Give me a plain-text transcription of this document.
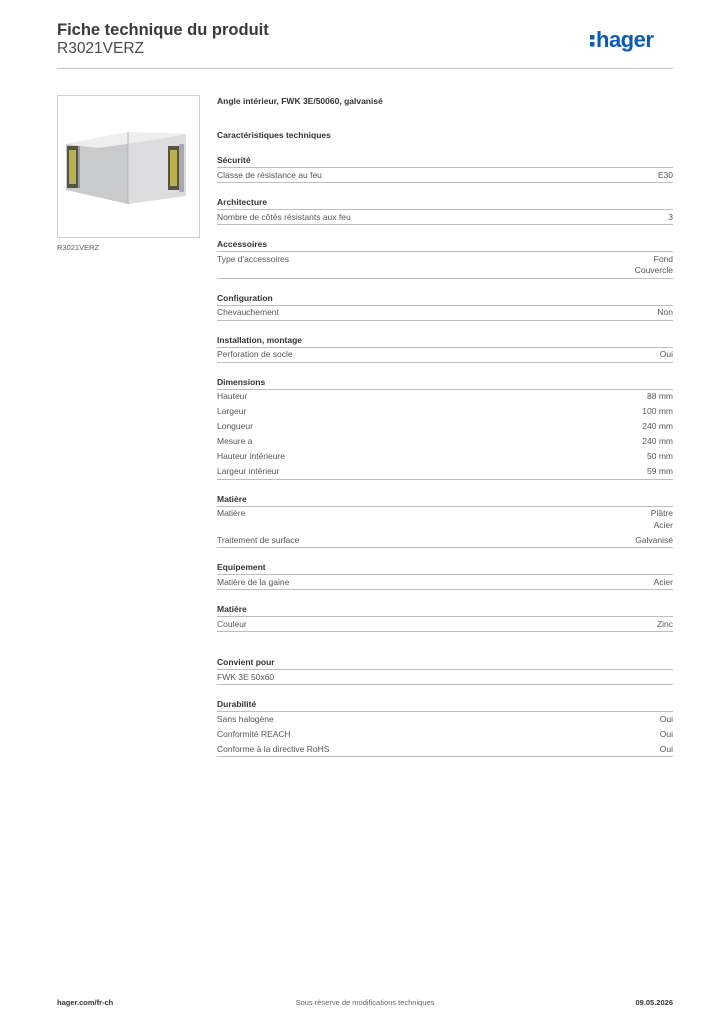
Fiche technique du produit
R3021VERZ	hager
R3021VERZ
Angle intérieur, FWK 3E/50060, galvanisé
Caractéristiques techniques
Sécurité
Classe de résistance au feu	E30
Architecture
Nombre de côtés résistants aux feu	3
Accessoires
Type d'accessoires	Fond
Couvercle
Configuration
Chevauchement	Non
Installation, montage
Perforation de socle	Oui
Dimensions
Hauteur	88 mm
Largeur	100 mm
Longueur	240 mm
Mesure a	240 mm
Hauteur intérieure	50 mm
Largeur intérieur	59 mm
Matière
Matière	Plâtre
Acier
Traitement de surface	Galvanisé
Equipement
Matière de la gaine	Acier
Matière
Couleur	Zinc
Convient pour
FWK 3E 50x60
Durabilité
Sans halogène	Oui
Conformité REACH	Oui
Conforme à la directive RoHS	Oui
Sous réserve de modifications techniques
hager.com/fr-ch	09.05.2026
